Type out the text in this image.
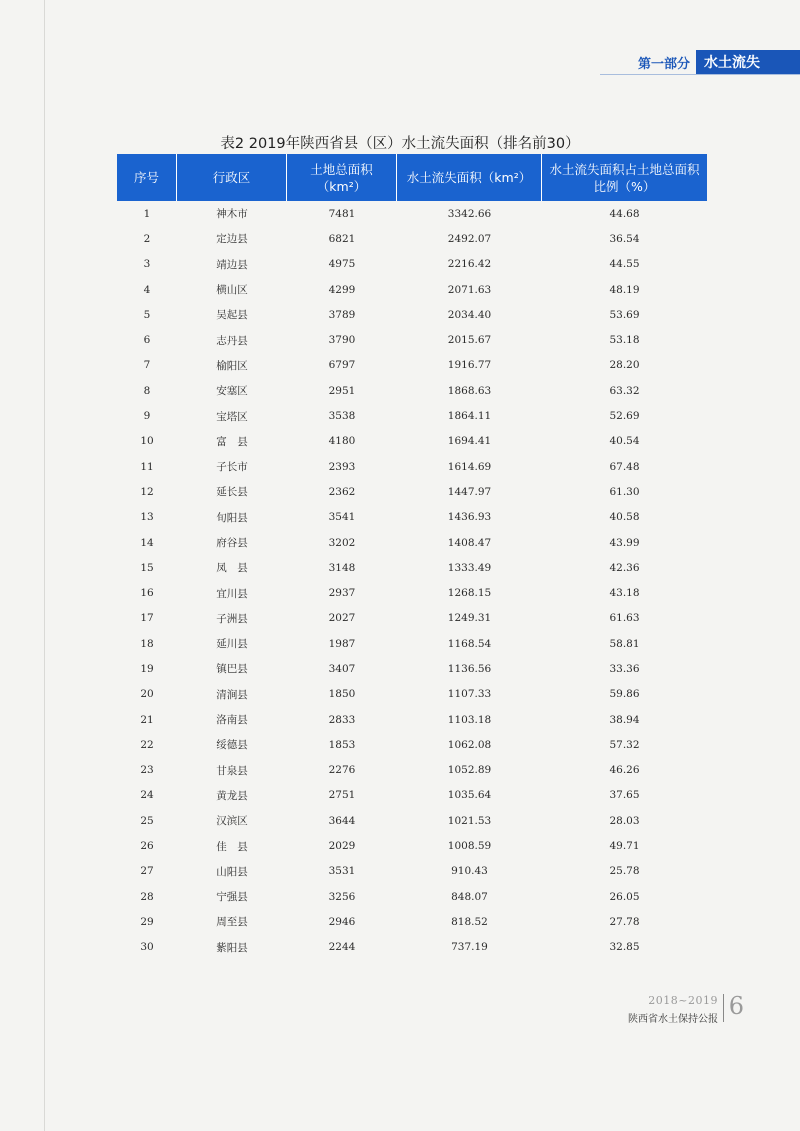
第一部分	水土流失
表2 2019年陕西省县（区）水土流失面积（排名前30）
序号	行政区	土地总面积（km²）	水土流失面积（km²）	水土流失面积占土地总面积比例（%）
1	神木市	7481	3342.66	44.68
2	定边县	6821	2492.07	36.54
3	靖边县	4975	2216.42	44.55
4	横山区	4299	2071.63	48.19
5	吴起县	3789	2034.40	53.69
6	志丹县	3790	2015.67	53.18
7	榆阳区	6797	1916.77	28.20
8	安塞区	2951	1868.63	63.32
9	宝塔区	3538	1864.11	52.69
10	富　县	4180	1694.41	40.54
11	子长市	2393	1614.69	67.48
12	延长县	2362	1447.97	61.30
13	旬阳县	3541	1436.93	40.58
14	府谷县	3202	1408.47	43.99
15	凤　县	3148	1333.49	42.36
16	宜川县	2937	1268.15	43.18
17	子洲县	2027	1249.31	61.63
18	延川县	1987	1168.54	58.81
19	镇巴县	3407	1136.56	33.36
20	清涧县	1850	1107.33	59.86
21	洛南县	2833	1103.18	38.94
22	绥德县	1853	1062.08	57.32
23	甘泉县	2276	1052.89	46.26
24	黄龙县	2751	1035.64	37.65
25	汉滨区	3644	1021.53	28.03
26	佳　县	2029	1008.59	49.71
27	山阳县	3531	910.43	25.78
28	宁强县	3256	848.07	26.05
29	周至县	2946	818.52	27.78
30	紫阳县	2244	737.19	32.85
2018~2019
陕西省水土保持公报 6
